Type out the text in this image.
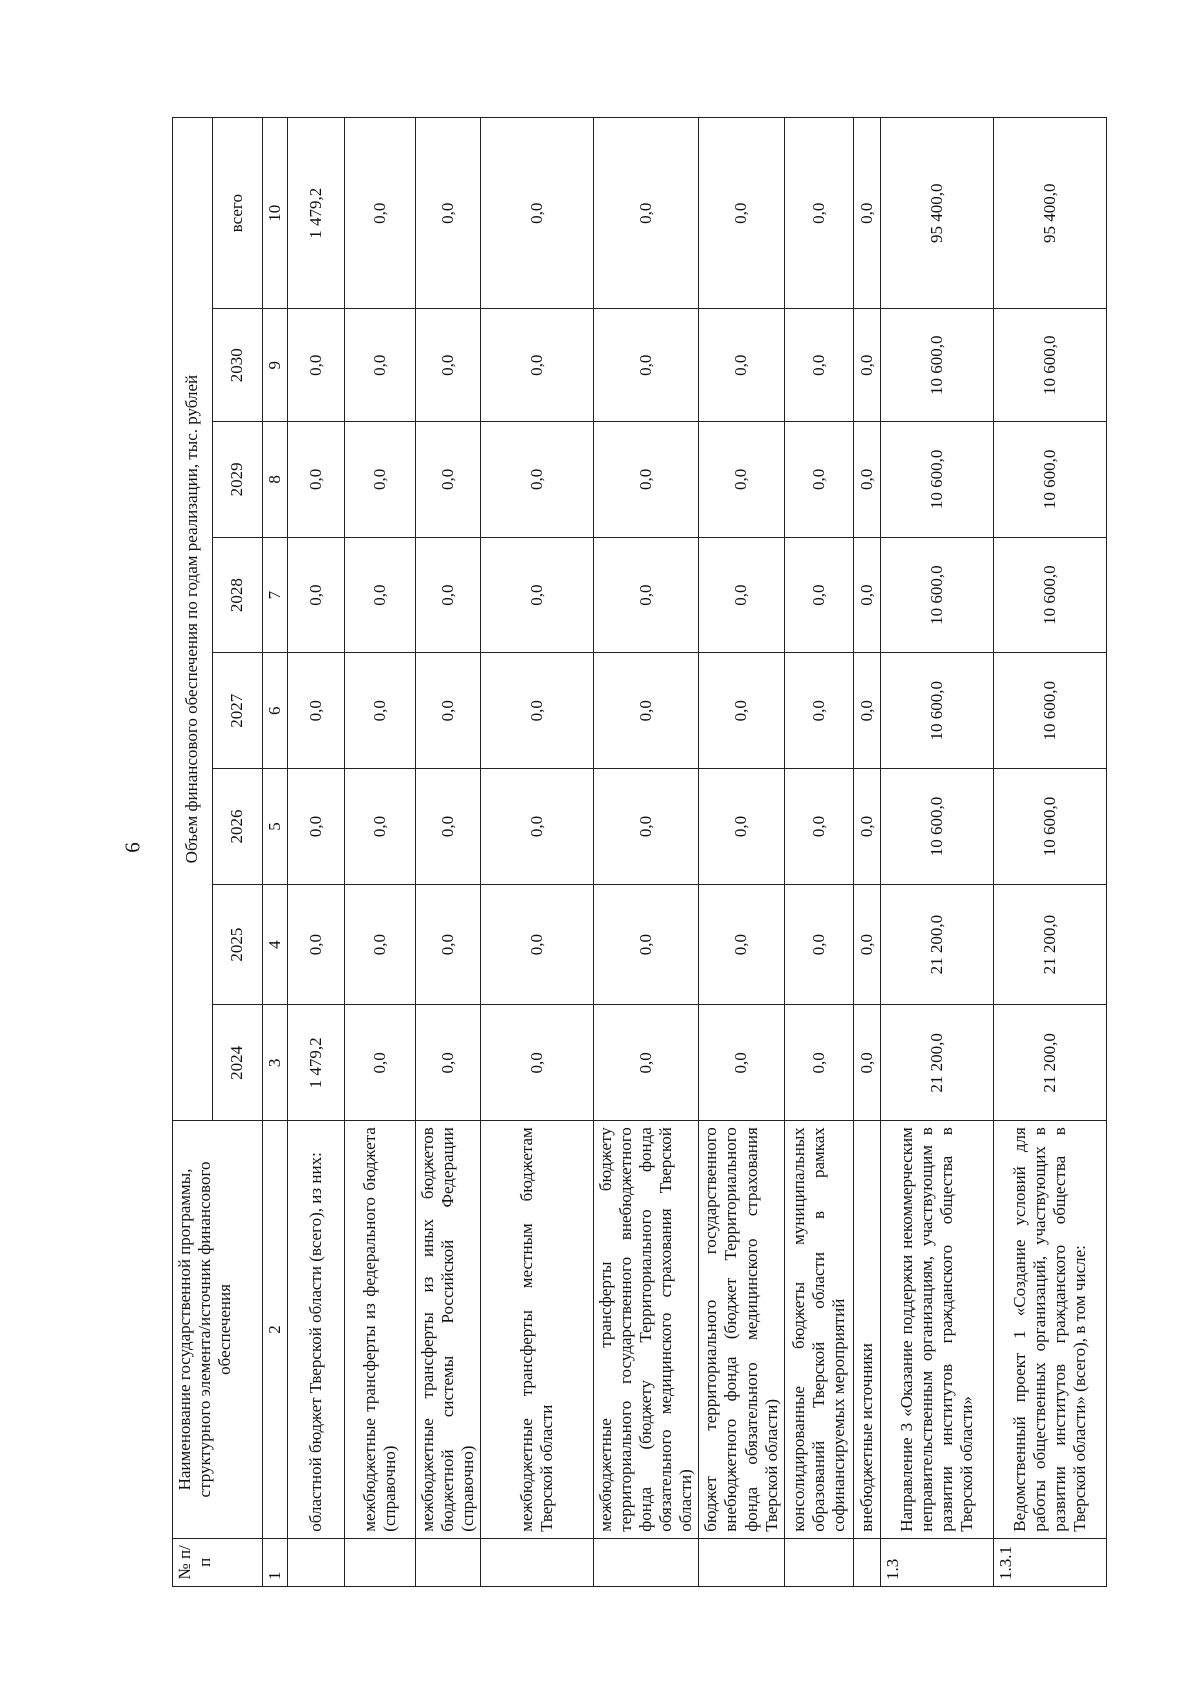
6
№ п/п	Наименование государственной программы, структурного элемента/источник финансового обеспечения	Объем финансового обеспечения по годам реализации, тыс. рублей							
		2024	2025	2026	2027	2028	2029	2030	всего
1	2	3	4	5	6	7	8	9	10
	областной бюджет Тверской области (всего), из них:	1 479,2	0,0	0,0	0,0	0,0	0,0	0,0	1 479,2
	межбюджетные трансферты из федерального бюджета (справочно)	0,0	0,0	0,0	0,0	0,0	0,0	0,0	0,0
	межбюджетные трансферты из иных бюджетов бюджетной системы Российской Федерации (справочно)	0,0	0,0	0,0	0,0	0,0	0,0	0,0	0,0
	межбюджетные трансферты местным бюджетам Тверской области	0,0	0,0	0,0	0,0	0,0	0,0	0,0	0,0
	межбюджетные трансферты бюджету территориального государственного внебюджетного фонда (бюджету Территориального фонда обязательного медицинского страхования Тверской области)	0,0	0,0	0,0	0,0	0,0	0,0	0,0	0,0
	бюджет территориального государственного внебюджетного фонда (бюджет Территориального фонда обязательного медицинского страхования Тверской области)	0,0	0,0	0,0	0,0	0,0	0,0	0,0	0,0
	консолидированные бюджеты муниципальных образований Тверской области в рамках софинансируемых мероприятий	0,0	0,0	0,0	0,0	0,0	0,0	0,0	0,0
	внебюджетные источники	0,0	0,0	0,0	0,0	0,0	0,0	0,0	0,0
1.3	Направление 3 «Оказание поддержки некоммерческим неправительственным организациям, участвующим в развитии институтов гражданского общества в Тверской области»	21 200,0	21 200,0	10 600,0	10 600,0	10 600,0	10 600,0	10 600,0	95 400,0
1.3.1	Ведомственный проект 1 «Создание условий для работы общественных организаций, участвующих в развитии институтов гражданского общества в Тверской области» (всего), в том числе:	21 200,0	21 200,0	10 600,0	10 600,0	10 600,0	10 600,0	10 600,0	95 400,0
